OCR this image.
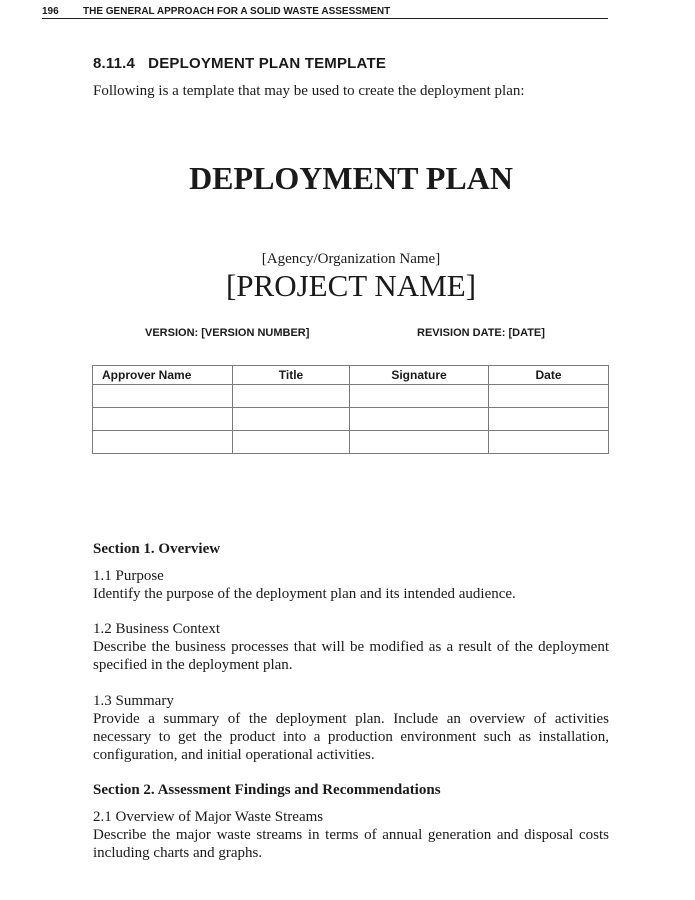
196 THE GENERAL APPROACH FOR A SOLID WASTE ASSESSMENT
8.11.4   DEPLOYMENT PLAN TEMPLATE
Following is a template that may be used to create the deployment plan:
DEPLOYMENT PLAN
[Agency/Organization Name]
[PROJECT NAME]
VERSION: [VERSION NUMBER]	REVISION DATE: [DATE]
Approver Name	Title	Signature	Date

Section 1. Overview
1.1 Purpose
Identify the purpose of the deployment plan and its intended audience.
1.2 Business Context
Describe the business processes that will be modified as a result of the deployment specified in the deployment plan.
1.3 Summary
Provide a summary of the deployment plan. Include an overview of activities necessary to get the product into a production environment such as installation, configuration, and initial operational activities.
Section 2. Assessment Findings and Recommendations
2.1 Overview of Major Waste Streams
Describe the major waste streams in terms of annual generation and disposal costs including charts and graphs.
